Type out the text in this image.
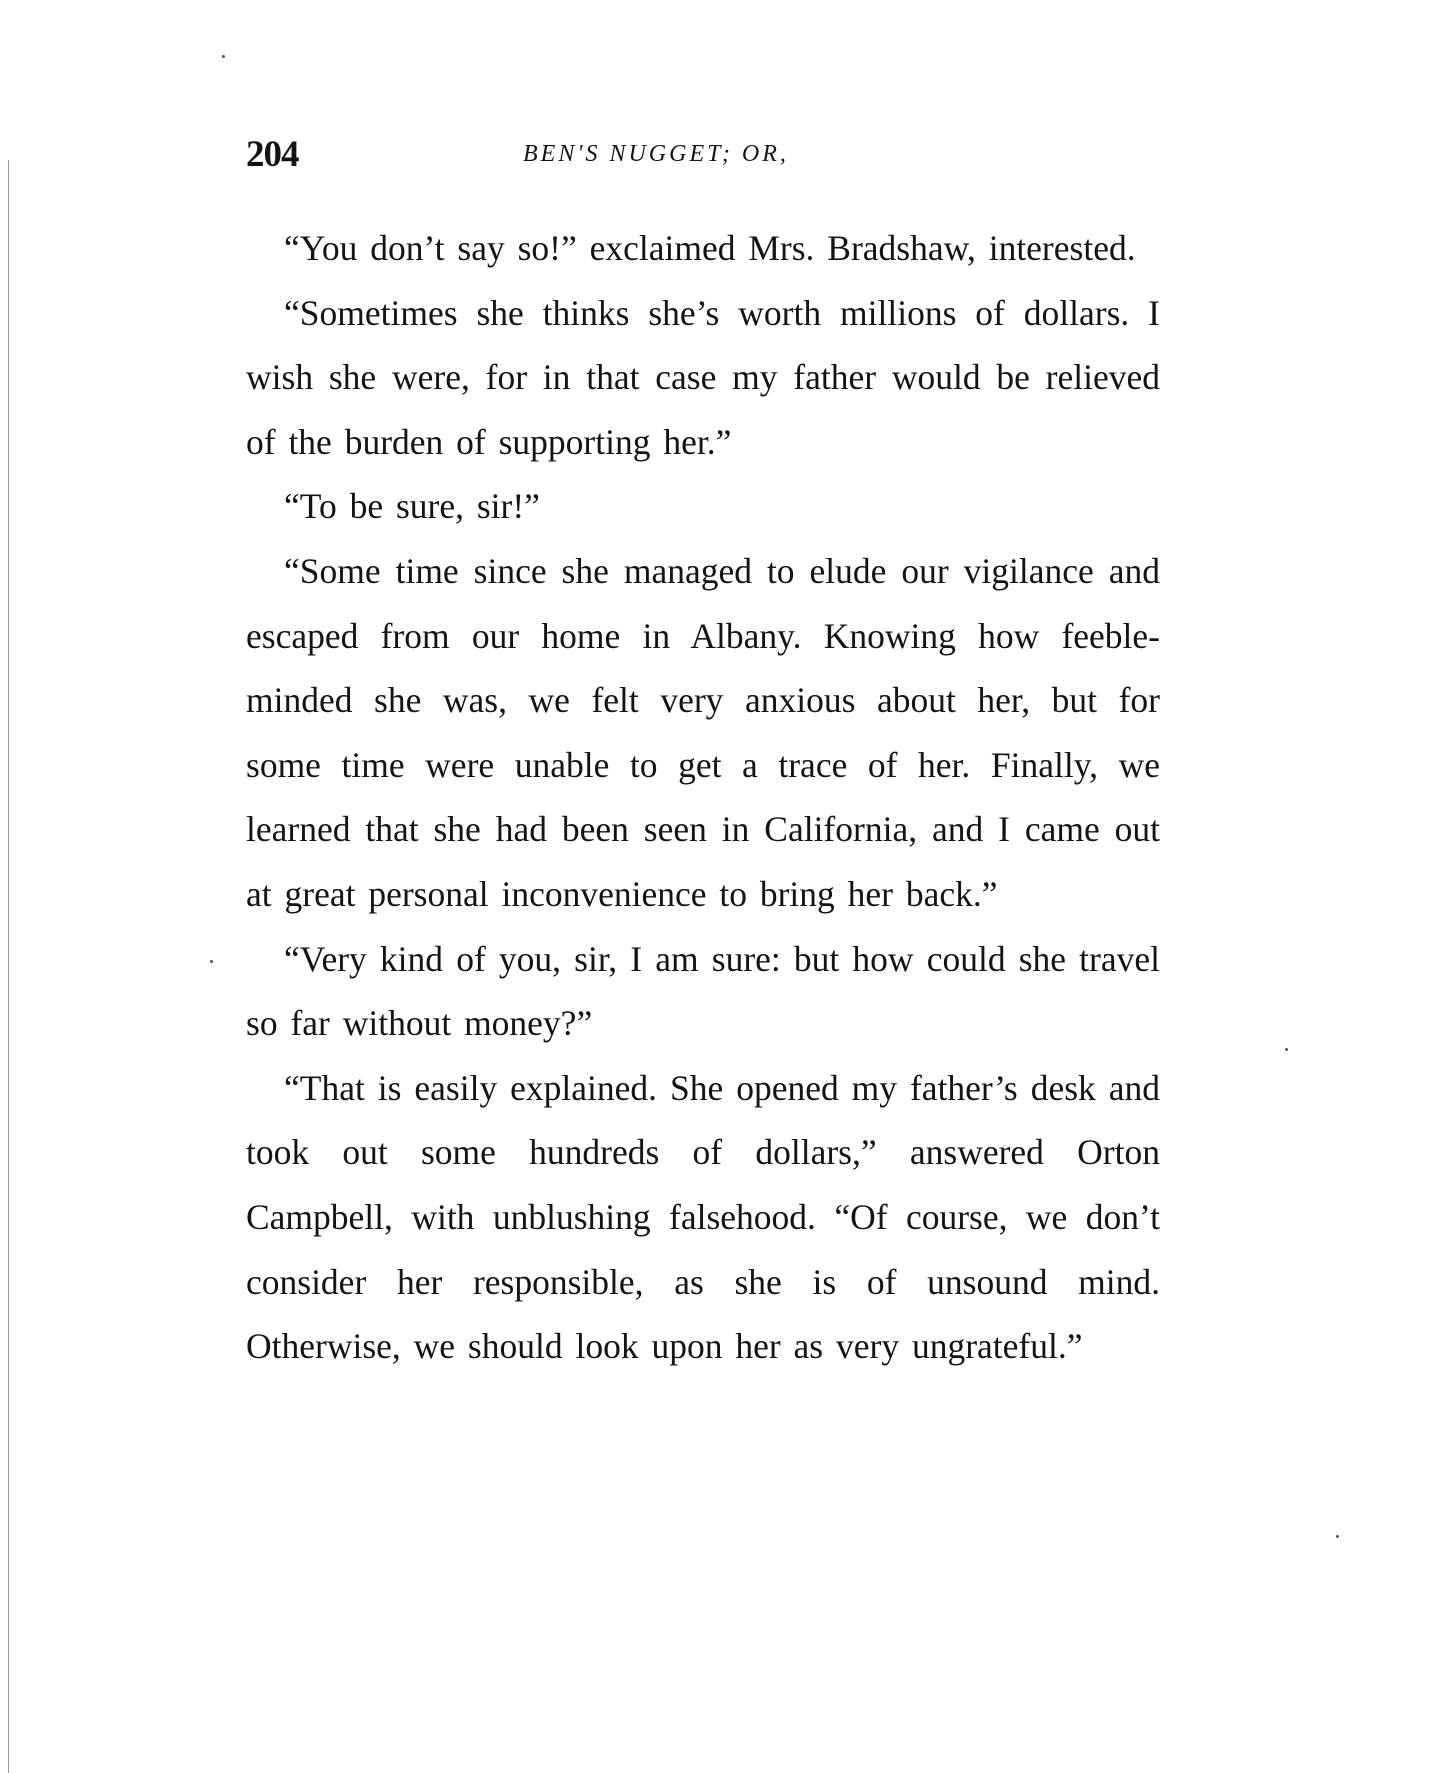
204	BEN'S NUGGET; OR,

“You don’t say so!” exclaimed Mrs. Bradshaw, interested.

“Sometimes she thinks she’s worth millions of dollars. I wish she were, for in that case my father would be relieved of the burden of supporting her.”

“To be sure, sir!”

“Some time since she managed to elude our vigilance and escaped from our home in Albany. Knowing how feeble-minded she was, we felt very anxious about her, but for some time were unable to get a trace of her. Finally, we learned that she had been seen in California, and I came out at great personal inconvenience to bring her back.”

“Very kind of you, sir, I am sure: but how could she travel so far without money?”

“That is easily explained. She opened my father’s desk and took out some hundreds of dollars,” answered Orton Campbell, with unblushing falsehood. “Of course, we don’t consider her responsible, as she is of unsound mind. Otherwise, we should look upon her as very ungrateful.”
